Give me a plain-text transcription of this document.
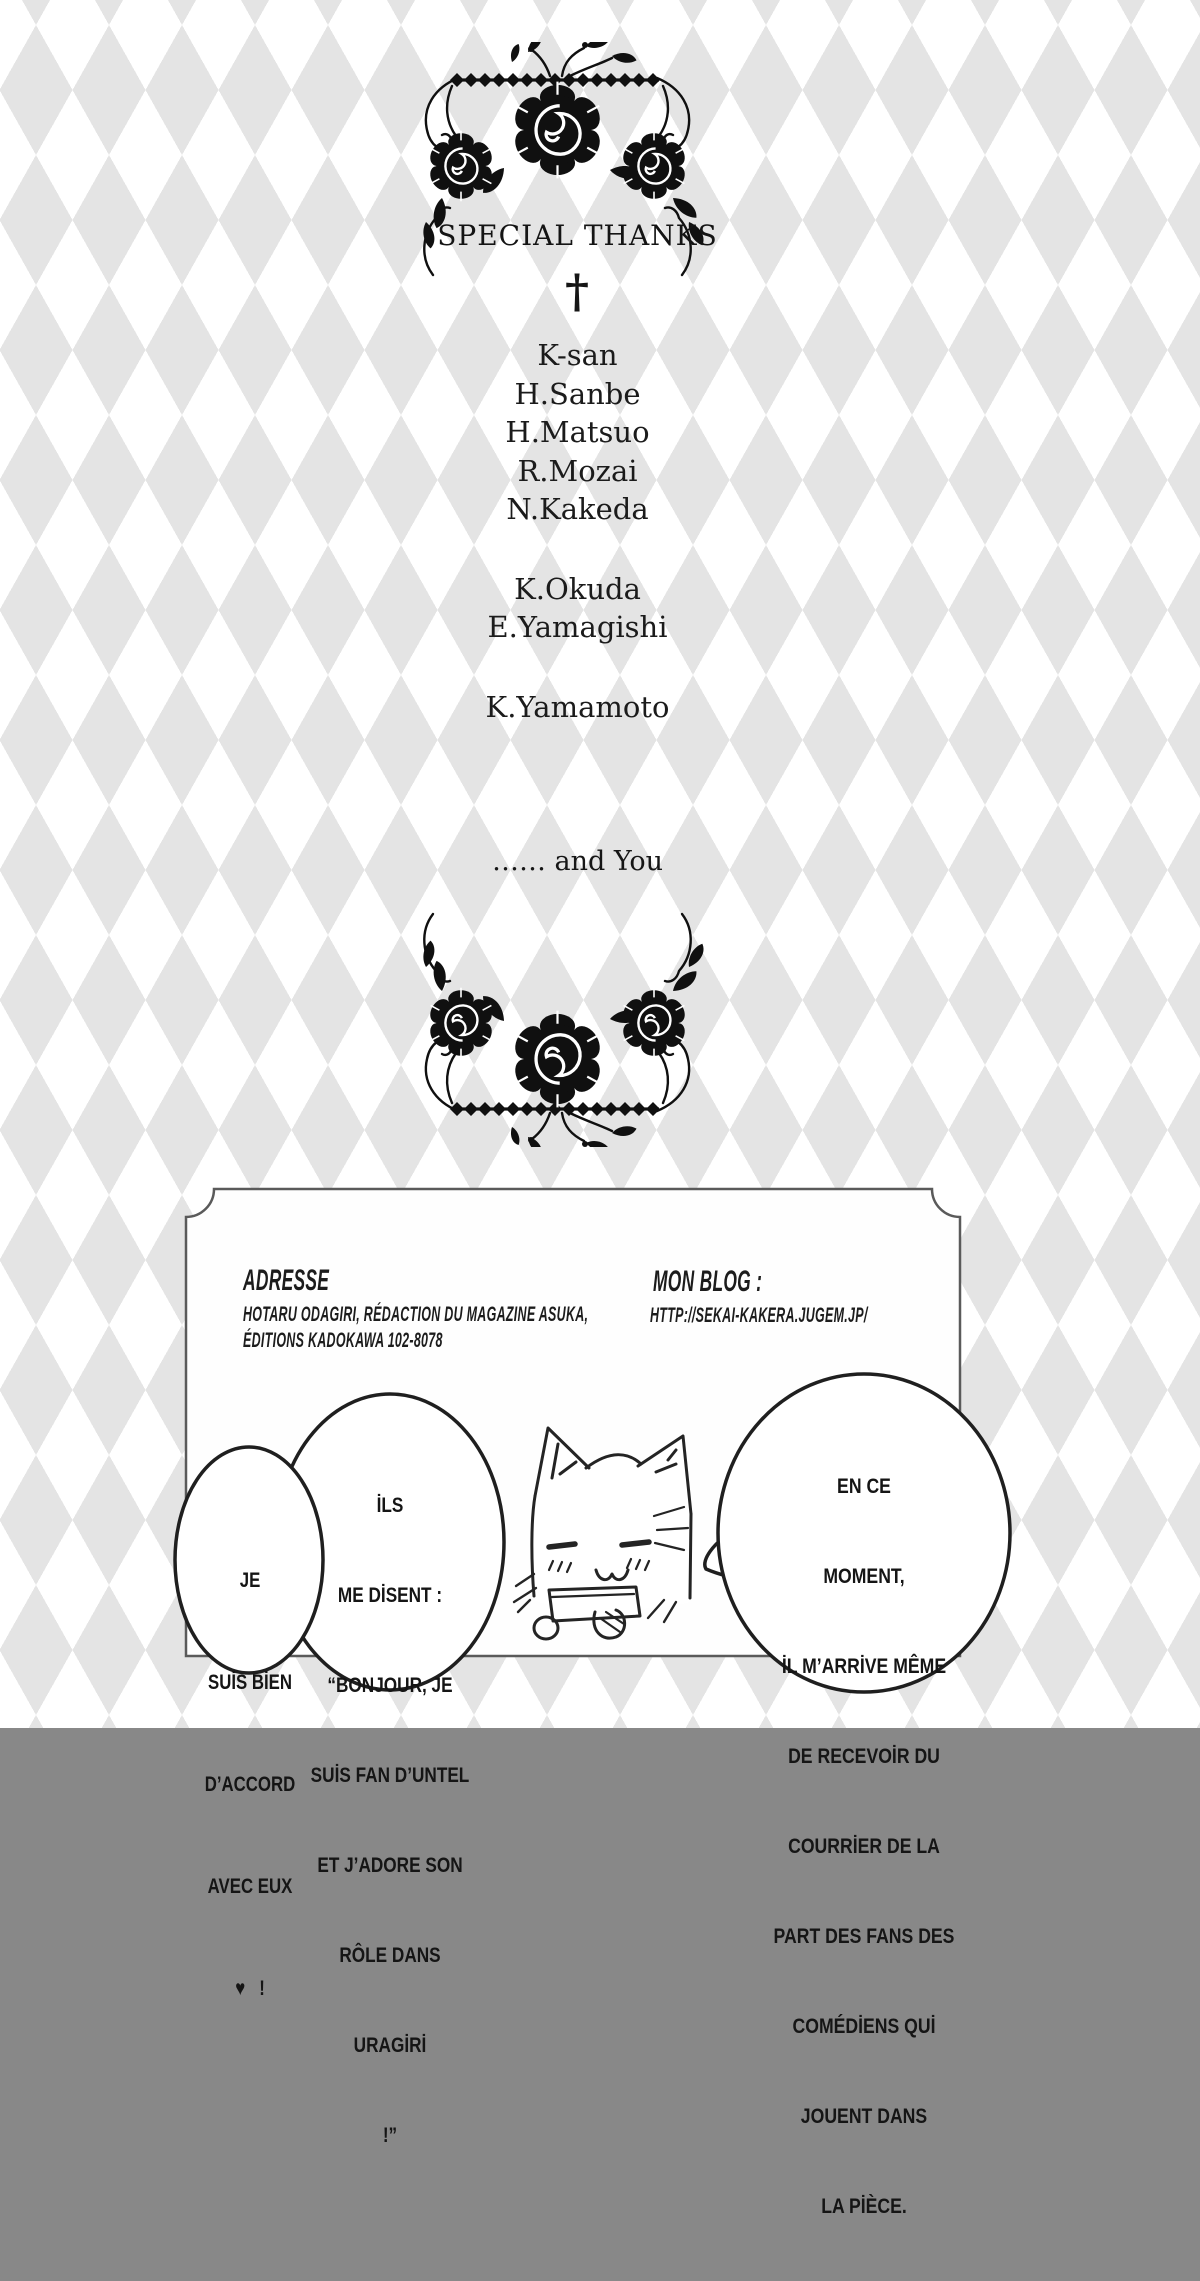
SPECIAL THANKS
†
K-san
H.Sanbe
H.Matsuo
R.Mozai
N.Kakeda
K.Okuda
E.Yamagishi
K.Yamamoto
…… and You
ADRESSE
HOTARU ODAGIRI, RÉDACTION DU MAGAZINE ASUKA,
ÉDITIONS KADOKAWA 102-8078
MON BLOG :
HTTP://SEKAI-KAKERA.JUGEM.JP/

JE

SUİS BİEN

D’ACCORD

AVEC EUX

♥   !

İLS

ME DİSENT :

“BONJOUR, JE

SUİS FAN D’UNTEL

ET J’ADORE SON

RÔLE DANS

URAGİRİ

!”

EN CE

MOMENT,

İL M’ARRİVE MÊME

DE RECEVOİR DU

COURRİER DE LA

PART DES FANS DES

COMÉDİENS QUİ

JOUENT DANS

LA PİÈCE.
